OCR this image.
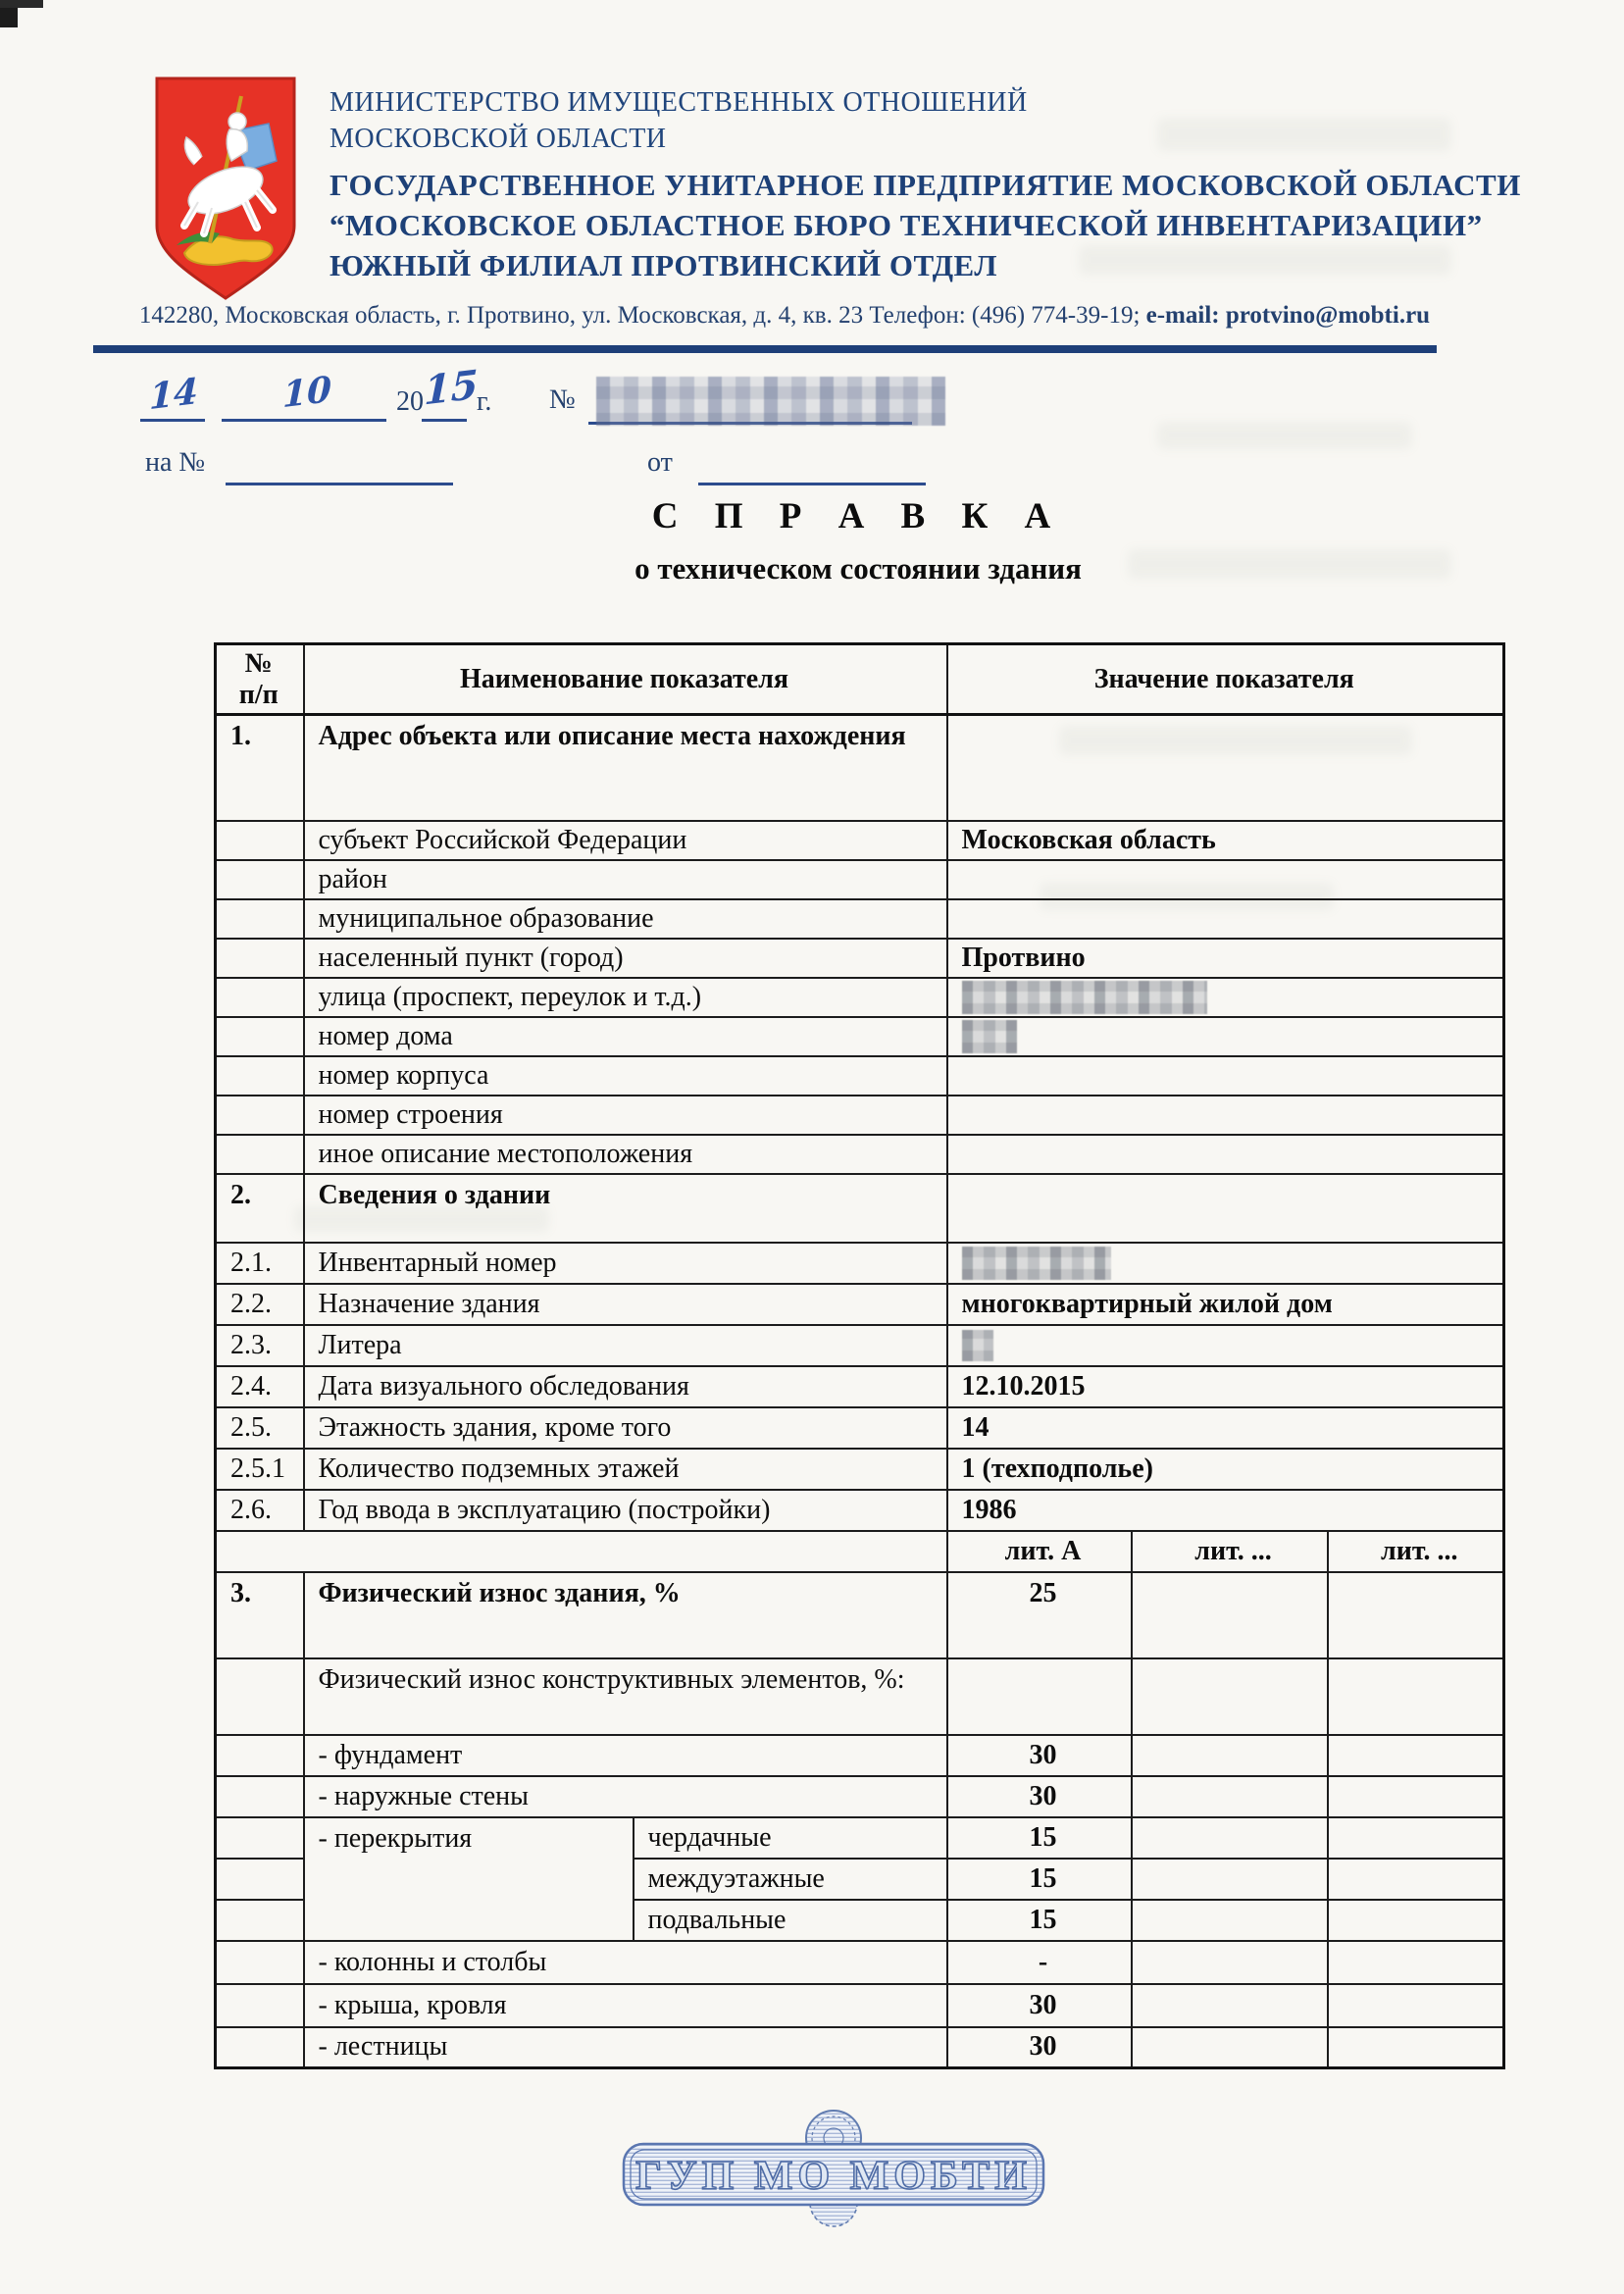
МИНИСТЕРСТВО ИМУЩЕСТВЕННЫХ ОТНОШЕНИЙ
МОСКОВСКОЙ ОБЛАСТИ
ГОСУДАРСТВЕННОЕ УНИТАРНОЕ ПРЕДПРИЯТИЕ МОСКОВСКОЙ ОБЛАСТИ
“МОСКОВСКОЕ ОБЛАСТНОЕ БЮРО ТЕХНИЧЕСКОЙ ИНВЕНТАРИЗАЦИИ”
ЮЖНЫЙ ФИЛИАЛ ПРОТВИНСКИЙ ОТДЕЛ
142280, Московская область, г. Протвино, ул. Московская, д. 4, кв. 23 Телефон: (496) 774-39-19; e-mail: protvino@mobti.ru
14 10 20 15
г. №
на №	от
С П Р А В К А
о техническом состоянии здания
№
п/п	Наименование показателя		Значение показателя		
1.	Адрес объекта или описание места нахождения				
	субъект Российской Федерации		Московская область		
	район				
	муниципальное образование				
	населенный пункт (город)		Протвино		
	улица (проспект, переулок и т.д.)				
	номер дома				
	номер корпуса				
	номер строения				
	иное описание местоположения				
2.	Сведения о здании				
2.1.	Инвентарный номер				
2.2.	Назначение здания		многоквартирный жилой дом		
2.3.	Литера				
2.4.	Дата визуального обследования		12.10.2015		
2.5.	Этажность здания, кроме того		14		
2.5.1	Количество подземных этажей		1 (техподполье)		
2.6.	Год ввода в эксплуатацию (постройки)		1986		
			лит. А	лит. ...	лит. ...
3.	Физический износ здания, %		25		
	Физический износ конструктивных элементов, %:				
	- фундамент		30		
	- наружные стены		30		
	- перекрытия	чердачные	15		
		междуэтажные	15		
		подвальные	15		
	- колонны и столбы		-		
	- крыша, кровля		30		
	- лестницы		30		
ГУП МО МОБТИ
